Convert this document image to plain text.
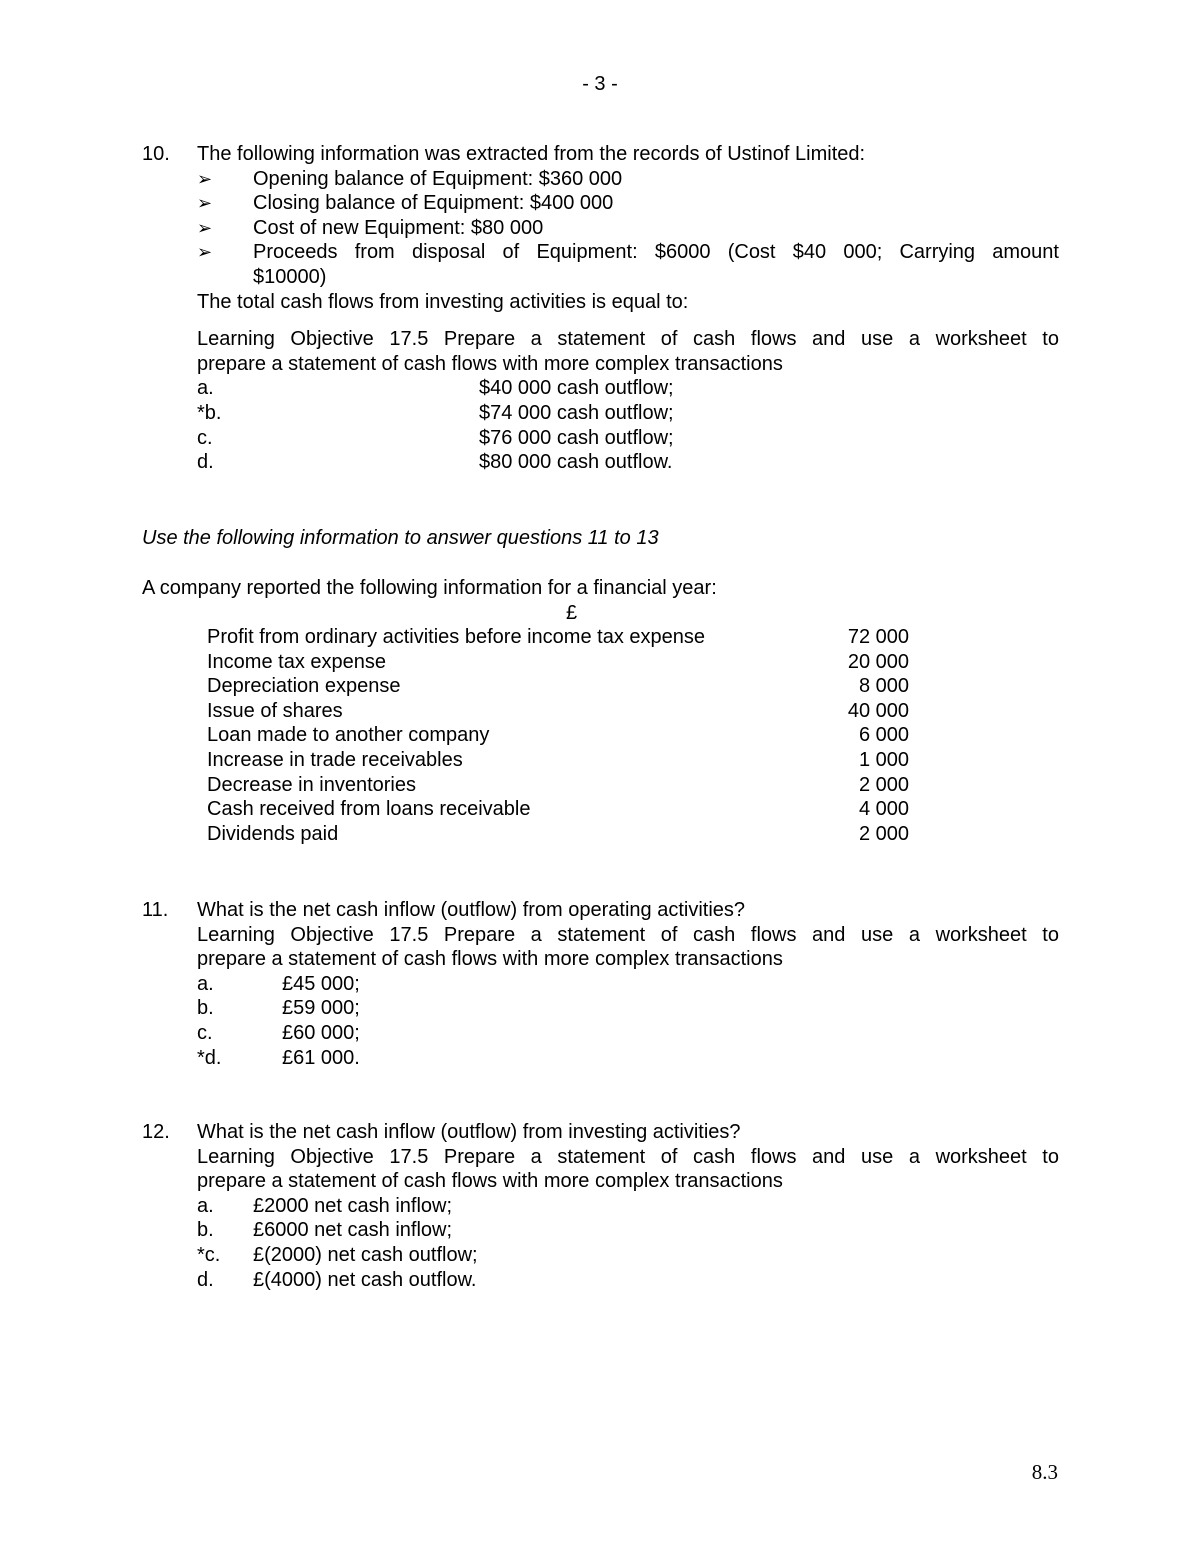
- 3 -
10. The following information was extracted from the records of Ustinof Limited:
➢ Opening balance of Equipment: $360 000
➢ Closing balance of Equipment: $400 000
➢ Cost of new Equipment: $80 000
➢ Proceeds from disposal of Equipment: $6000 (Cost $40 000; Carrying amount
$10000)
The total cash flows from investing activities is equal to:
Learning Objective 17.5 Prepare a statement of cash flows and use a worksheet to
prepare a statement of cash flows with more complex transactions
a.	$40 000 cash outflow;
*b.	$74 000 cash outflow;
c.	$76 000 cash outflow;
d.	$80 000 cash outflow.
Use the following information to answer questions 11 to 13
A company reported the following information for a financial year:
£
Profit from ordinary activities before income tax expense	72 000
Income tax expense	20 000
Depreciation expense	8 000
Issue of shares	40 000
Loan made to another company	6 000
Increase in trade receivables	1 000
Decrease in inventories	2 000
Cash received from loans receivable	4 000
Dividends paid	2 000
11. What is the net cash inflow (outflow) from operating activities?
Learning Objective 17.5 Prepare a statement of cash flows and use a worksheet to
prepare a statement of cash flows with more complex transactions
a.	£45 000;
b.	£59 000;
c.	£60 000;
*d.	£61 000.
12. What is the net cash inflow (outflow) from investing activities?
Learning Objective 17.5 Prepare a statement of cash flows and use a worksheet to
prepare a statement of cash flows with more complex transactions
a. £2000 net cash inflow;
b. £6000 net cash inflow;
*c. £(2000) net cash outflow;
d. £(4000) net cash outflow.
8.3
